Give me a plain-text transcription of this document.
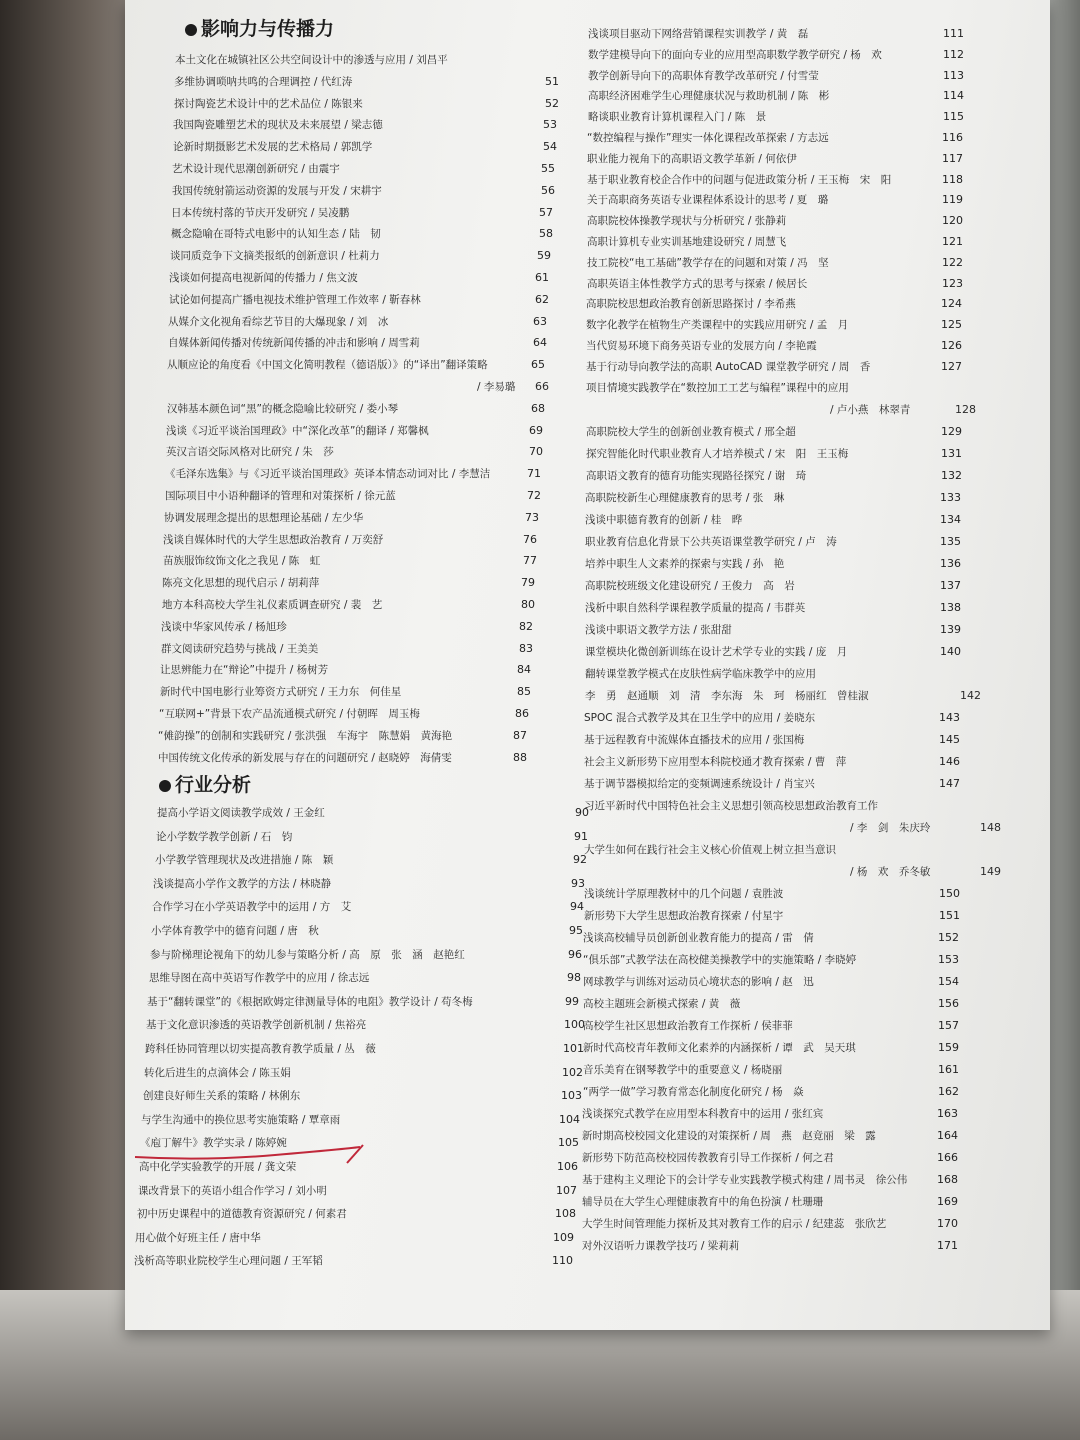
影响力与传播力
本土文化在城镇社区公共空间设计中的渗透与应用 / 刘昌平
多维协调唢呐共鸣的合理调控 / 代红涛	51
探讨陶瓷艺术设计中的艺术品位 / 陈银来	52
我国陶瓷雕塑艺术的现状及未来展望 / 梁志德	53
论新时期摄影艺术发展的艺术格局 / 郭凯学	54
艺术设计现代思潮创新研究 / 由震宇	55
我国传统射箭运动资源的发展与开发 / 宋耕宇	56
日本传统村落的节庆开发研究 / 吴凌鹏	57
概念隐喻在哥特式电影中的认知生态 / 陆　韧	58
谈同质竞争下文摘类报纸的创新意识 / 杜莉力	59
浅谈如何提高电视新闻的传播力 / 焦文波	61
试论如何提高广播电视技术维护管理工作效率 / 靳春林	62
从媒介文化视角看综艺节目的大爆现象 / 刘　冰	63
自媒体新闻传播对传统新闻传播的冲击和影响 / 周雪莉	64
从顺应论的角度看《中国文化简明教程（德语版）》的“译出”翻译策略	65
/ 李易璐 66
汉韩基本颜色词“黑”的概念隐喻比较研究 / 娄小琴	68
浅谈《习近平谈治国理政》中“深化改革”的翻译 / 郑馨枫	69
英汉言语交际风格对比研究 / 朱　莎	70
《毛泽东选集》与《习近平谈治国理政》英译本情态动词对比 / 李慧洁	71
国际项目中小语种翻译的管理和对策探析 / 徐元蓝	72
协调发展理念提出的思想理论基础 / 左少华	73
浅谈自媒体时代的大学生思想政治教育 / 万奕舒	76
苗族服饰纹饰文化之我见 / 陈　虹	77
陈亮文化思想的现代启示 / 胡莉萍	79
地方本科高校大学生礼仪素质调查研究 / 裴　艺	80
浅谈中华家风传承 / 杨旭珍	82
群文阅读研究趋势与挑战 / 王美美	83
让思辨能力在“辩论”中提升 / 杨树芳	84
新时代中国电影行业筹资方式研究 / 王力东　何佳星	85
“互联网+”背景下农产品流通模式研究 / 付朝晖　周玉梅	86
“傩韵操”的创制和实践研究 / 张洪强　车海宇　陈慧娟　黄海艳	87
中国传统文化传承的新发展与存在的问题研究 / 赵晓婷　海倩雯	88
行业分析
提高小学语文阅读教学成效 / 王金红	90
论小学数学教学创新 / 石　钧	91
小学教学管理现状及改进措施 / 陈　颖	92
浅谈提高小学作文教学的方法 / 林晓静	93
合作学习在小学英语教学中的运用 / 方　艾	94
小学体育教学中的德育问题 / 唐　秋	95
参与阶梯理论视角下的幼儿参与策略分析 / 高　原　张　涵　赵艳红	96
思维导图在高中英语写作教学中的应用 / 徐志远	98
基于“翻转课堂”的《根据欧姆定律测量导体的电阻》教学设计 / 苟冬梅	99
基于文化意识渗透的英语教学创新机制 / 焦裕亮	100
跨科任协同管理以切实提高教育教学质量 / 丛　薇	101
转化后进生的点滴体会 / 陈玉娟	102
创建良好师生关系的策略 / 林俐东	103
与学生沟通中的换位思考实施策略 / 覃章雨	104
《庖丁解牛》教学实录 / 陈婷婉	105
高中化学实验教学的开展 / 龚文荣	106
课改背景下的英语小组合作学习 / 刘小明	107
初中历史课程中的道德教育资源研究 / 何素君	108
用心做个好班主任 / 唐中华	109
浅析高等职业院校学生心理问题 / 王军韬	110
浅谈项目驱动下网络营销课程实训教学 / 黄　磊	111
数学建模导向下的面向专业的应用型高职数学教学研究 / 杨　欢	112
教学创新导向下的高职体育教学改革研究 / 付雪莹	113
高职经济困难学生心理健康状况与救助机制 / 陈　彬	114
略谈职业教育计算机课程入门 / 陈　景	115
“数控编程与操作”理实一体化课程改革探索 / 方志远	116
职业能力视角下的高职语文教学革新 / 何依伊	117
基于职业教育校企合作中的问题与促进政策分析 / 王玉梅　宋　阳	118
关于高职商务英语专业课程体系设计的思考 / 夏　璐	119
高职院校体操教学现状与分析研究 / 张静莉	120
高职计算机专业实训基地建设研究 / 周慧飞	121
技工院校“电工基础”教学存在的问题和对策 / 冯　坚	122
高职英语主体性教学方式的思考与探索 / 候居长	123
高职院校思想政治教育创新思路探讨 / 李希燕	124
数字化教学在植物生产类课程中的实践应用研究 / 孟　月	125
当代贸易环境下商务英语专业的发展方向 / 李艳霞	126
基于行动导向教学法的高职 AutoCAD 课堂教学研究 / 周　香	127
项目情境实践教学在“数控加工工艺与编程”课程中的应用
/ 卢小燕　林翠青	128
高职院校大学生的创新创业教育模式 / 邢全超	129
探究智能化时代职业教育人才培养模式 / 宋　阳　王玉梅	131
高职语文教育的德育功能实现路径探究 / 谢　琦	132
高职院校新生心理健康教育的思考 / 张　琳	133
浅谈中职德育教育的创新 / 桂　晔	134
职业教育信息化背景下公共英语课堂教学研究 / 卢　涛	135
培养中职生人文素养的探索与实践 / 孙　艳	136
高职院校班级文化建设研究 / 王俊力　高　岩	137
浅析中职自然科学课程教学质量的提高 / 韦群英	138
浅谈中职语文教学方法 / 张甜甜	139
课堂模块化微创新训练在设计艺术学专业的实践 / 庞　月	140
翻转课堂教学模式在皮肤性病学临床教学中的应用
李　勇　赵通顺　刘　清　李东海　朱　珂　杨丽红　曾桂淑	142
SPOC 混合式教学及其在卫生学中的应用 / 姜晓东	143
基于远程教育中流媒体直播技术的应用 / 张国梅	145
社会主义新形势下应用型本科院校通才教育探索 / 曹　萍	146
基于调节器模拟给定的变频调速系统设计 / 肖宝兴	147
习近平新时代中国特色社会主义思想引领高校思想政治教育工作
/ 李　剑　朱庆玲	148
大学生如何在践行社会主义核心价值观上树立担当意识
/ 杨　欢　乔冬敏	149
浅谈统计学原理教材中的几个问题 / 袁胜波	150
新形势下大学生思想政治教育探索 / 付星宇	151
浅谈高校辅导员创新创业教育能力的提高 / 雷　倩	152
“俱乐部”式教学法在高校健美操教学中的实施策略 / 李晓婷	153
网球教学与训练对运动员心境状态的影响 / 赵　迅	154
高校主题班会新模式探索 / 黄　薇	156
高校学生社区思想政治教育工作探析 / 侯菲菲	157
新时代高校青年教师文化素养的内涵探析 / 谭　武　吴天琪	159
音乐美育在钢琴教学中的重要意义 / 杨晓丽	161
“两学一做”学习教育常态化制度化研究 / 杨　焱	162
浅谈探究式教学在应用型本科教育中的运用 / 张红宾	163
新时期高校校园文化建设的对策探析 / 周　燕　赵竟丽　梁　露	164
新形势下防范高校校园传教教育引导工作探析 / 何之君	166
基于建构主义理论下的会计学专业实践教学模式构建 / 周书灵　徐公伟	168
辅导员在大学生心理健康教育中的角色扮演 / 杜珊珊	169
大学生时间管理能力探析及其对教育工作的启示 / 纪建蕊　张欣艺	170
对外汉语听力课教学技巧 / 梁莉莉	171
